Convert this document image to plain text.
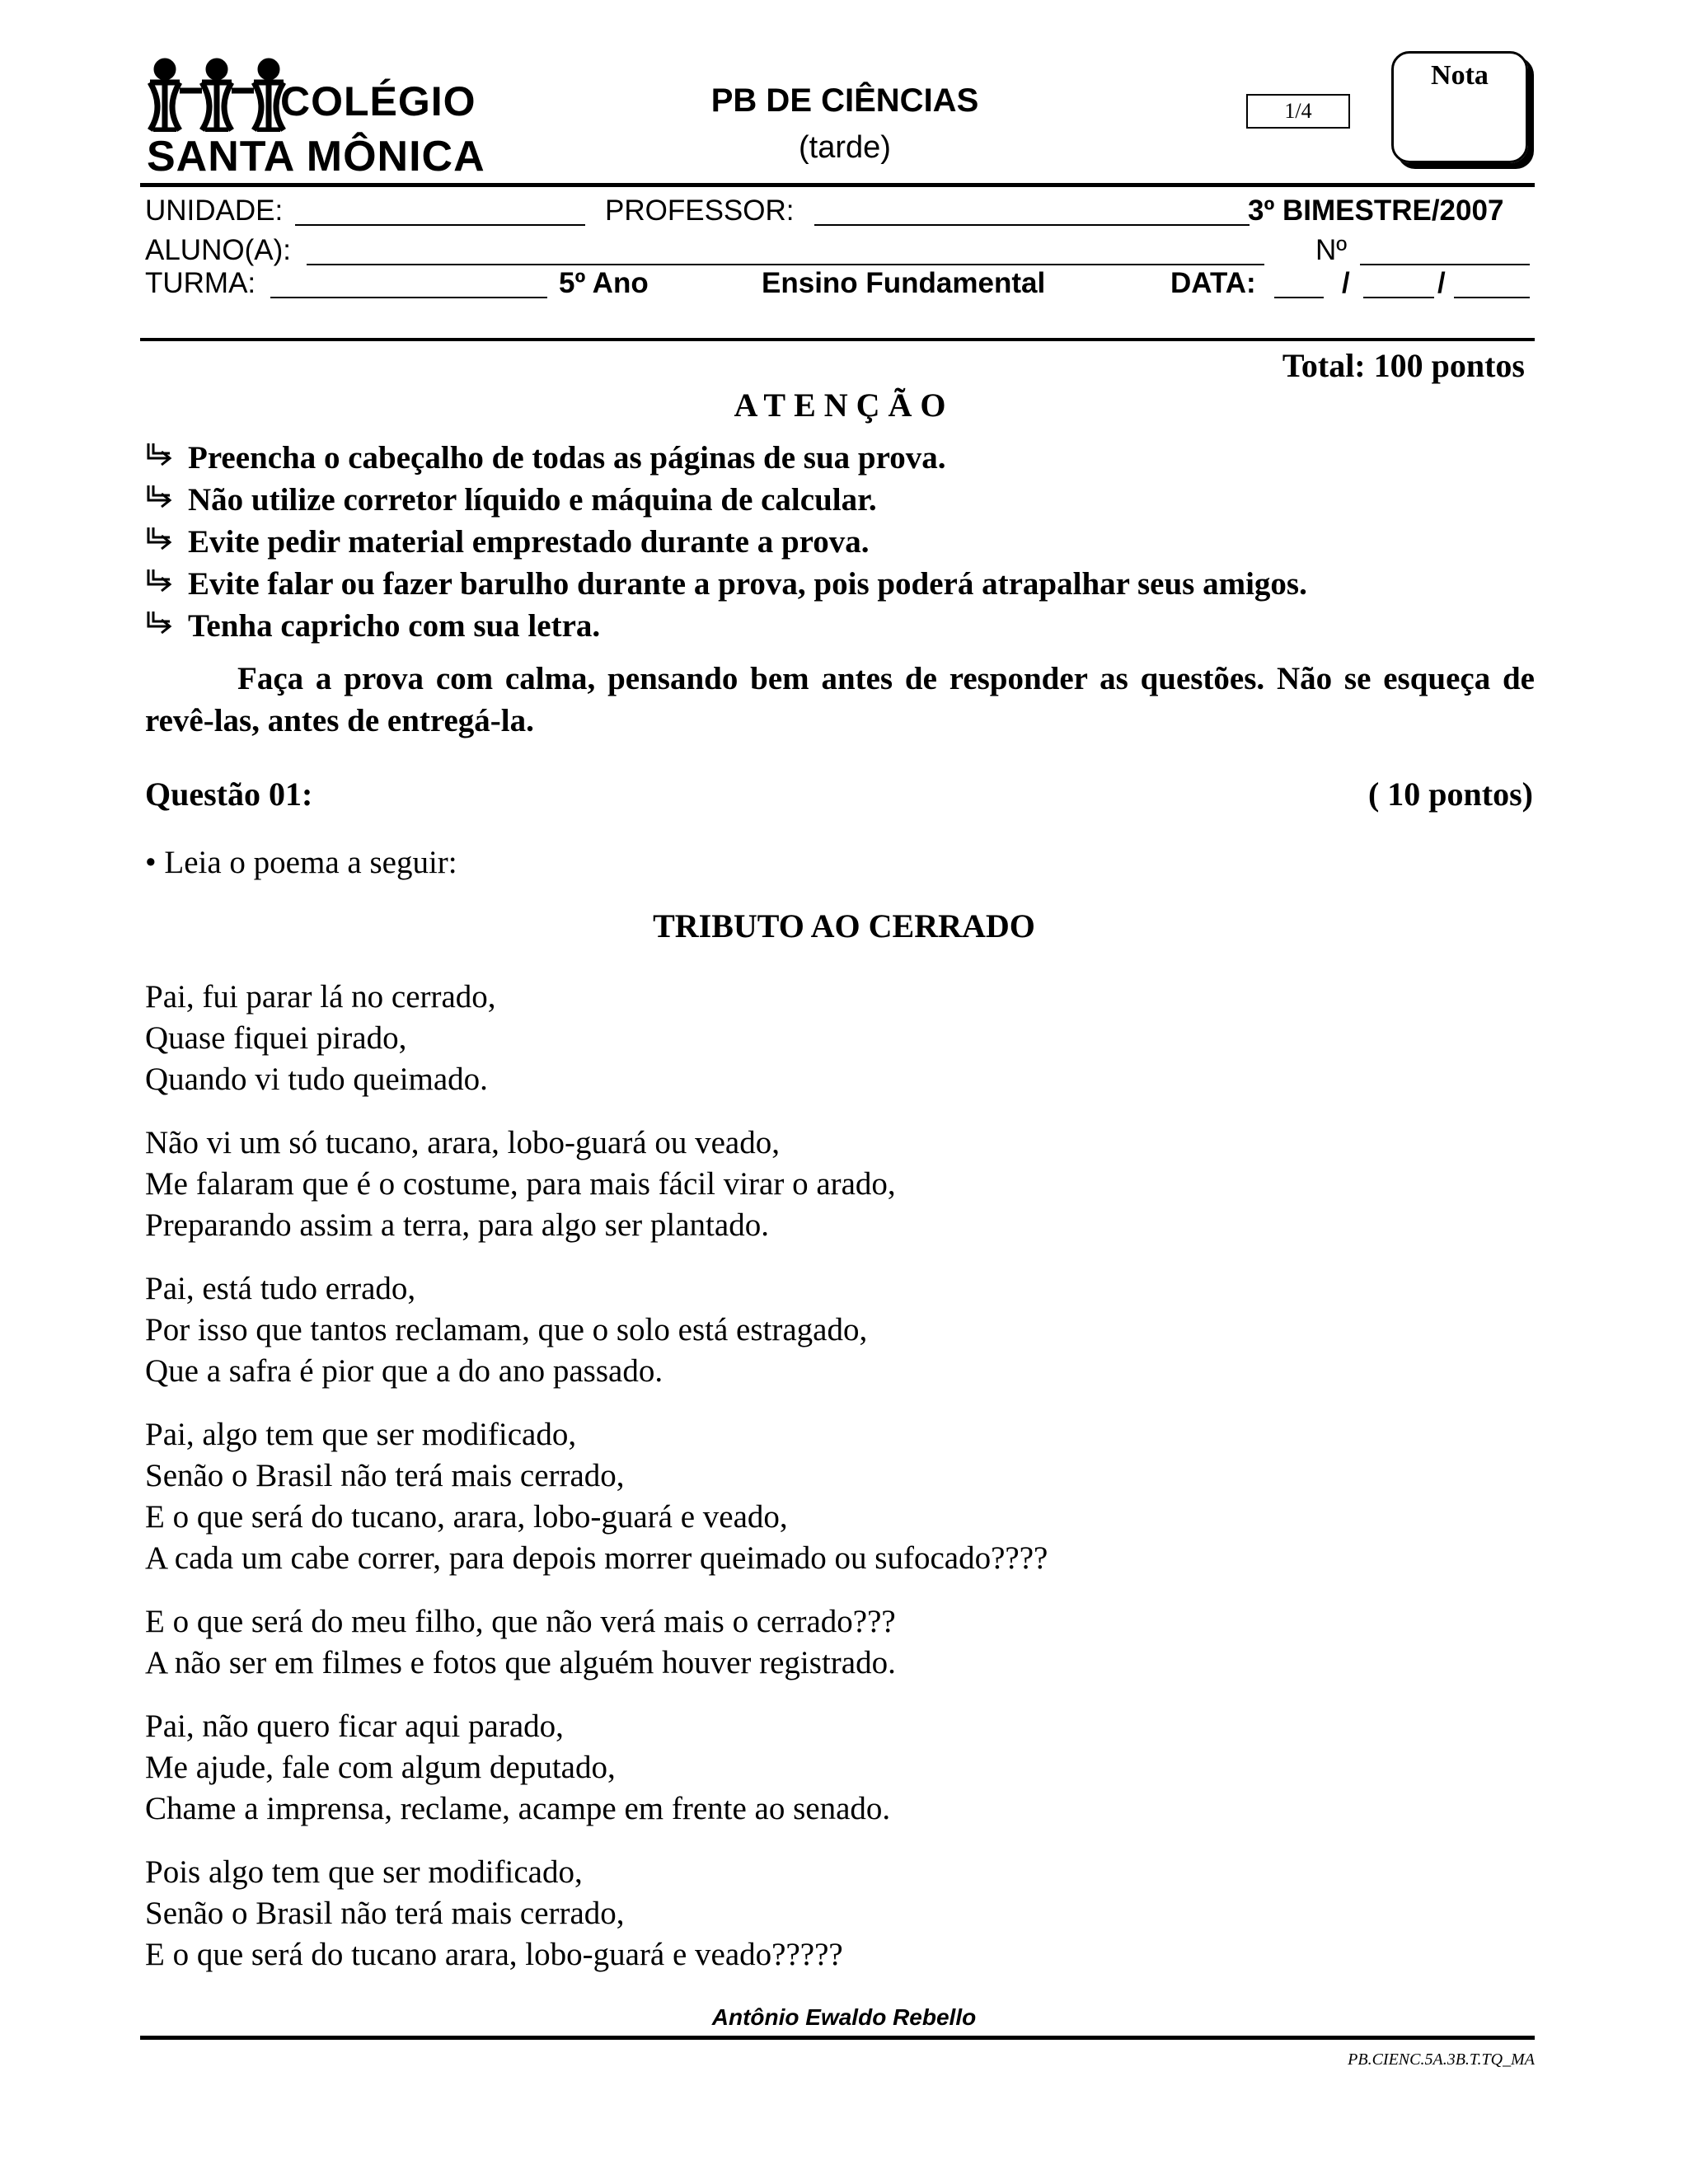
COLÉGIO
SANTA MÔNICA
PB DE CIÊNCIAS
(tarde)
1/4
Nota
UNIDADE:	PROFESSOR:	3º BIMESTRE/2007
ALUNO(A):	Nº
TURMA:	5º Ano	Ensino Fundamental	DATA:	/	/
Total: 100 pontos
ATENÇÃO
Preencha o cabeçalho de todas as páginas de sua prova.
Não utilize corretor líquido e máquina de calcular.
Evite pedir material emprestado durante a prova.
Evite falar ou fazer barulho durante a prova, pois poderá atrapalhar seus amigos.
Tenha capricho com sua letra.
Faça a prova com calma, pensando bem antes de responder as questões. Não se esqueça de revê-las, antes de entregá-la.
Questão 01:	( 10 pontos)
• Leia o poema a seguir:
TRIBUTO AO CERRADO
Pai, fui parar lá no cerrado,
Quase fiquei pirado,
Quando vi tudo queimado.
Não vi um só tucano, arara, lobo-guará ou veado,
Me falaram que é o costume, para mais fácil virar o arado,
Preparando assim a terra, para algo ser plantado.
Pai, está tudo errado,
Por isso que tantos reclamam, que o solo está estragado,
Que a safra é pior que a do ano passado.
Pai, algo tem que ser modificado,
Senão o Brasil não terá mais cerrado,
E o que será do tucano, arara, lobo-guará e veado,
A cada um cabe correr, para depois morrer queimado ou sufocado????
E o que será do meu filho, que não verá mais o cerrado???
A não ser em filmes e fotos que alguém houver registrado.
Pai, não quero ficar aqui parado,
Me ajude, fale com algum deputado,
Chame a imprensa, reclame, acampe em frente ao senado.
Pois algo tem que ser modificado,
Senão o Brasil não terá mais cerrado,
E o que será do tucano arara, lobo-guará e veado?????
Antônio Ewaldo Rebello
PB.CIENC.5A.3B.T.TQ_MA
